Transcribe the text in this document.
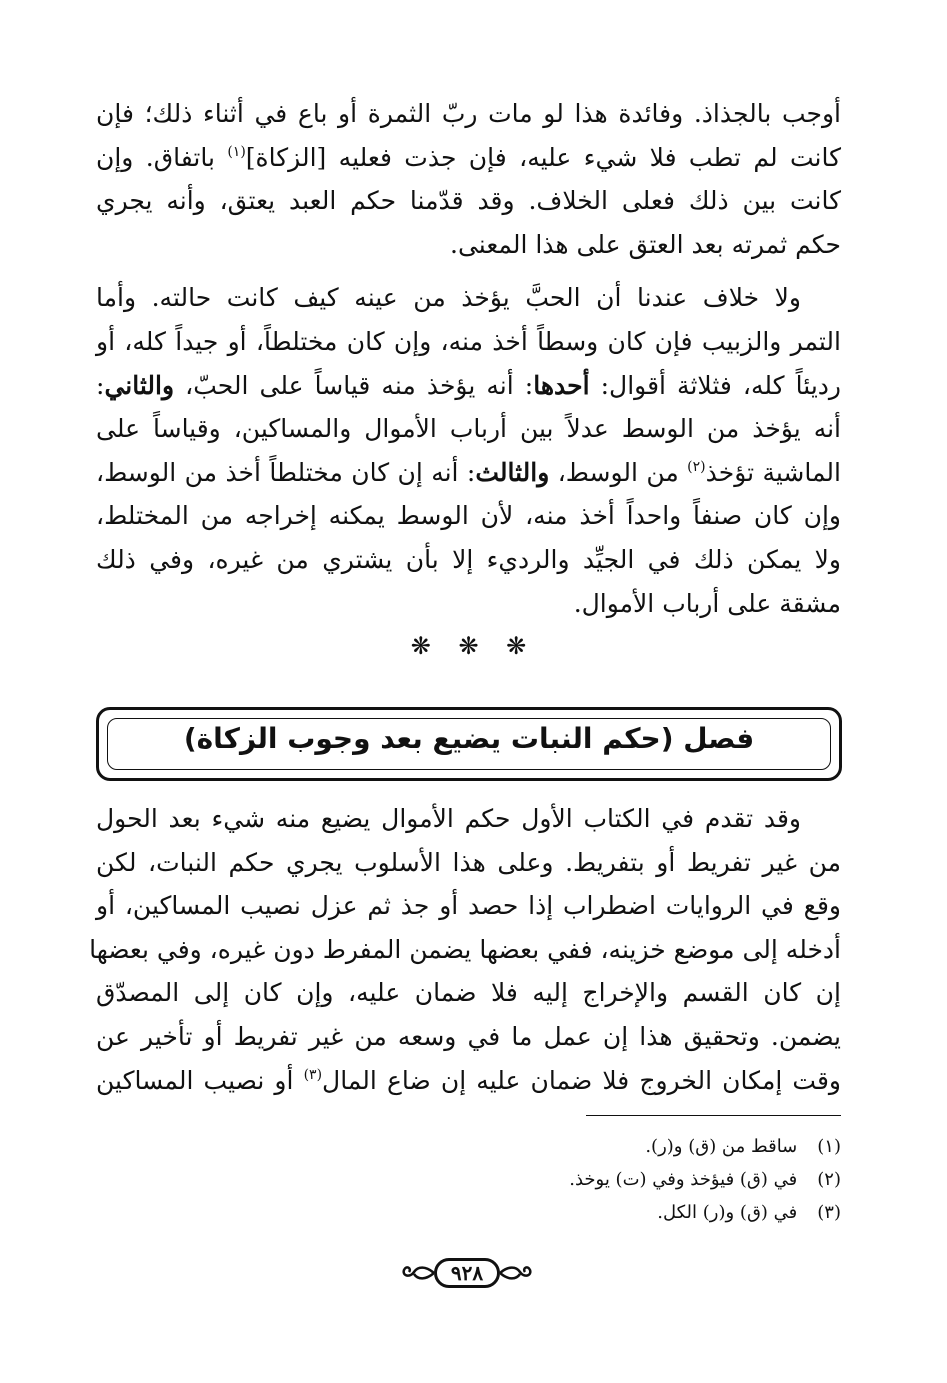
أوجب بالجذاذ. وفائدة هذا لو مات ربّ الثمرة أو باع في أثناء ذلك؛ فإن
كانت لم تطب فلا شيء عليه، فإن جذت فعليه [الزكاة]$^{(١)}$ باتفاق. وإن
كانت بين ذلك فعلى الخلاف. وقد قدّمنا حكم العبد يعتق، وأنه يجري
حكم ثمرته بعد العتق على هذا المعنى.

ولا خلاف عندنا أن الحبَّ يؤخذ من عينه كيف كانت حالته. وأما
التمر والزبيب فإن كان وسطاً أخذ منه، وإن كان مختلطاً، أو جيداً كله، أو
رديئاً كله، فثلاثة أقوال: أحدها: أنه يؤخذ منه قياساً على الحبّ، والثاني:
أنه يؤخذ من الوسط عدلاً بين أرباب الأموال والمساكين، وقياساً على
الماشية تؤخذ$^{(٢)}$ من الوسط، والثالث: أنه إن كان مختلطاً أخذ من الوسط،
وإن كان صنفاً واحداً أخذ منه، لأن الوسط يمكنه إخراجه من المختلط،
ولا يمكن ذلك في الجيِّد والرديء إلا بأن يشتري من غيره، وفي ذلك
مشقة على أرباب الأموال.

❋ ❋ ❋
فصل (حكم النبات يضيع بعد وجوب الزكاة)

وقد تقدم في الكتاب الأول حكم الأموال يضيع منه شيء بعد الحول
من غير تفريط أو بتفريط. وعلى هذا الأسلوب يجري حكم النبات، لكن
وقع في الروايات اضطراب إذا حصد أو جذ ثم عزل نصيب المساكين، أو
أدخله إلى موضع خزينه، ففي بعضها يضمن المفرط دون غيره، وفي بعضها
إن كان القسم والإخراج إليه فلا ضمان عليه، وإن كان إلى المصدّق
يضمن. وتحقيق هذا إن عمل ما في وسعه من غير تفريط أو تأخير عن
وقت إمكان الخروج فلا ضمان عليه إن ضاع المال$^{(٣)}$ أو نصيب المساكين

(١)ساقط من (ق) و(ر).
(٢)في (ق) فيؤخذ وفي (ت) يوخذ.
(٣)في (ق) و(ر) الكل.
٩٢٨
